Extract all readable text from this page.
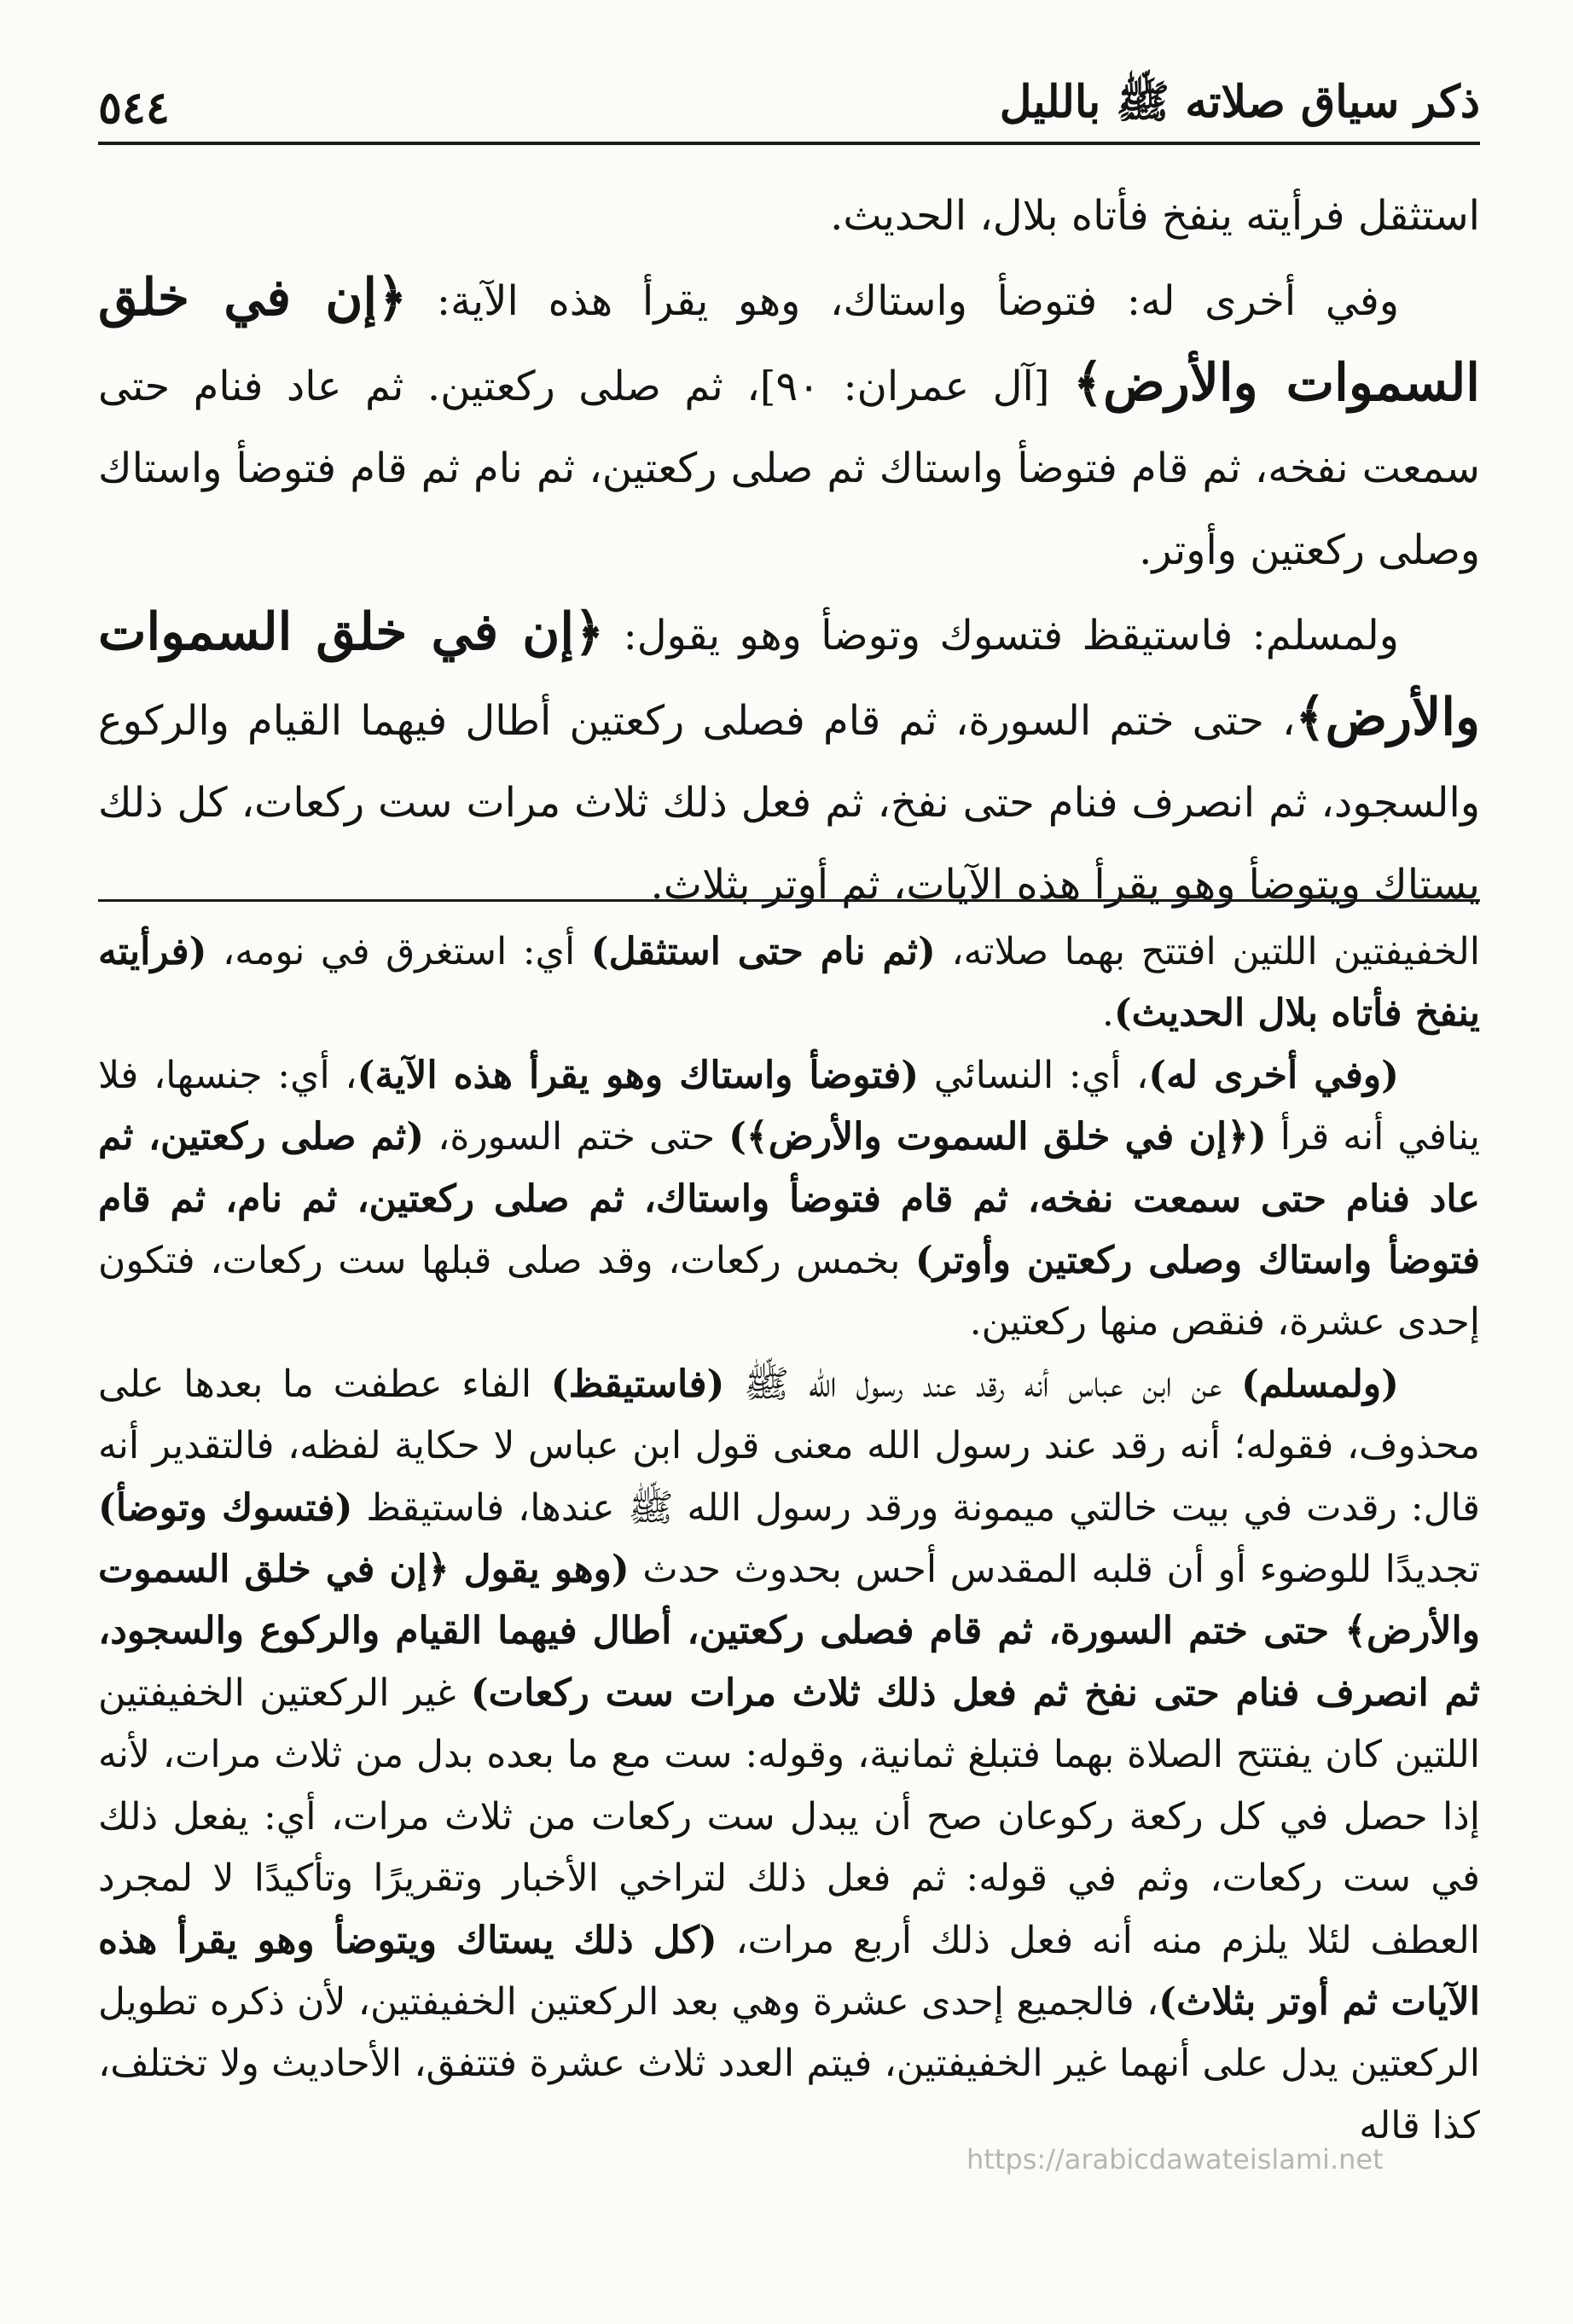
ذكر سياق صلاته ﷺ بالليل
٥٤٤

استثقل فرأيته ينفخ فأتاه بلال، الحديث.

وفي أخرى له: فتوضأ واستاك، وهو يقرأ هذه الآية: ﴿إن في خلق السموات والأرض﴾ [آل عمران: ٩٠]، ثم صلى ركعتين. ثم عاد فنام حتى سمعت نفخه، ثم قام فتوضأ واستاك ثم صلى ركعتين، ثم نام ثم قام فتوضأ واستاك وصلى ركعتين وأوتر.

ولمسلم: فاستيقظ فتسوك وتوضأ وهو يقول: ﴿إن في خلق السموات والأرض﴾، حتى ختم السورة، ثم قام فصلى ركعتين أطال فيهما القيام والركوع والسجود، ثم انصرف فنام حتى نفخ، ثم فعل ذلك ثلاث مرات ست ركعات، كل ذلك يستاك ويتوضأ وهو يقرأ هذه الآيات، ثم أوتر بثلاث.

الخفيفتين اللتين افتتح بهما صلاته، (ثم نام حتى استثقل) أي: استغرق في نومه، (فرأيته ينفخ فأتاه بلال الحديث).

(وفي أخرى له)، أي: النسائي (فتوضأ واستاك وهو يقرأ هذه الآية)، أي: جنسها، فلا ينافي أنه قرأ (﴿إن في خلق السموت والأرض﴾) حتى ختم السورة، (ثم صلى ركعتين، ثم عاد فنام حتى سمعت نفخه، ثم قام فتوضأ واستاك، ثم صلى ركعتين، ثم نام، ثم قام فتوضأ واستاك وصلى ركعتين وأوتر) بخمس ركعات، وقد صلى قبلها ست ركعات، فتكون إحدى عشرة، فنقص منها ركعتين.

(ولمسلم) عن ابن عباس أنه رقد عند رسول الله ﷺ (فاستيقظ) الفاء عطفت ما بعدها على محذوف، فقوله؛ أنه رقد عند رسول الله معنى قول ابن عباس لا حكاية لفظه، فالتقدير أنه قال: رقدت في بيت خالتي ميمونة ورقد رسول الله ﷺ عندها، فاستيقظ (فتسوك وتوضأ) تجديدًا للوضوء أو أن قلبه المقدس أحس بحدوث حدث (وهو يقول ﴿إن في خلق السموت والأرض﴾ حتى ختم السورة، ثم قام فصلى ركعتين، أطال فيهما القيام والركوع والسجود، ثم انصرف فنام حتى نفخ ثم فعل ذلك ثلاث مرات ست ركعات) غير الركعتين الخفيفتين اللتين كان يفتتح الصلاة بهما فتبلغ ثمانية، وقوله: ست مع ما بعده بدل من ثلاث مرات، لأنه إذا حصل في كل ركعة ركوعان صح أن يبدل ست ركعات من ثلاث مرات، أي: يفعل ذلك في ست ركعات، وثم في قوله: ثم فعل ذلك لتراخي الأخبار وتقريرًا وتأكيدًا لا لمجرد العطف لئلا يلزم منه أنه فعل ذلك أربع مرات، (كل ذلك يستاك ويتوضأ وهو يقرأ هذه الآيات ثم أوتر بثلاث)، فالجميع إحدى عشرة وهي بعد الركعتين الخفيفتين، لأن ذكره تطويل الركعتين يدل على أنهما غير الخفيفتين، فيتم العدد ثلاث عشرة فتتفق، الأحاديث ولا تختلف، كذا قاله

https://arabicdawateislami.net
